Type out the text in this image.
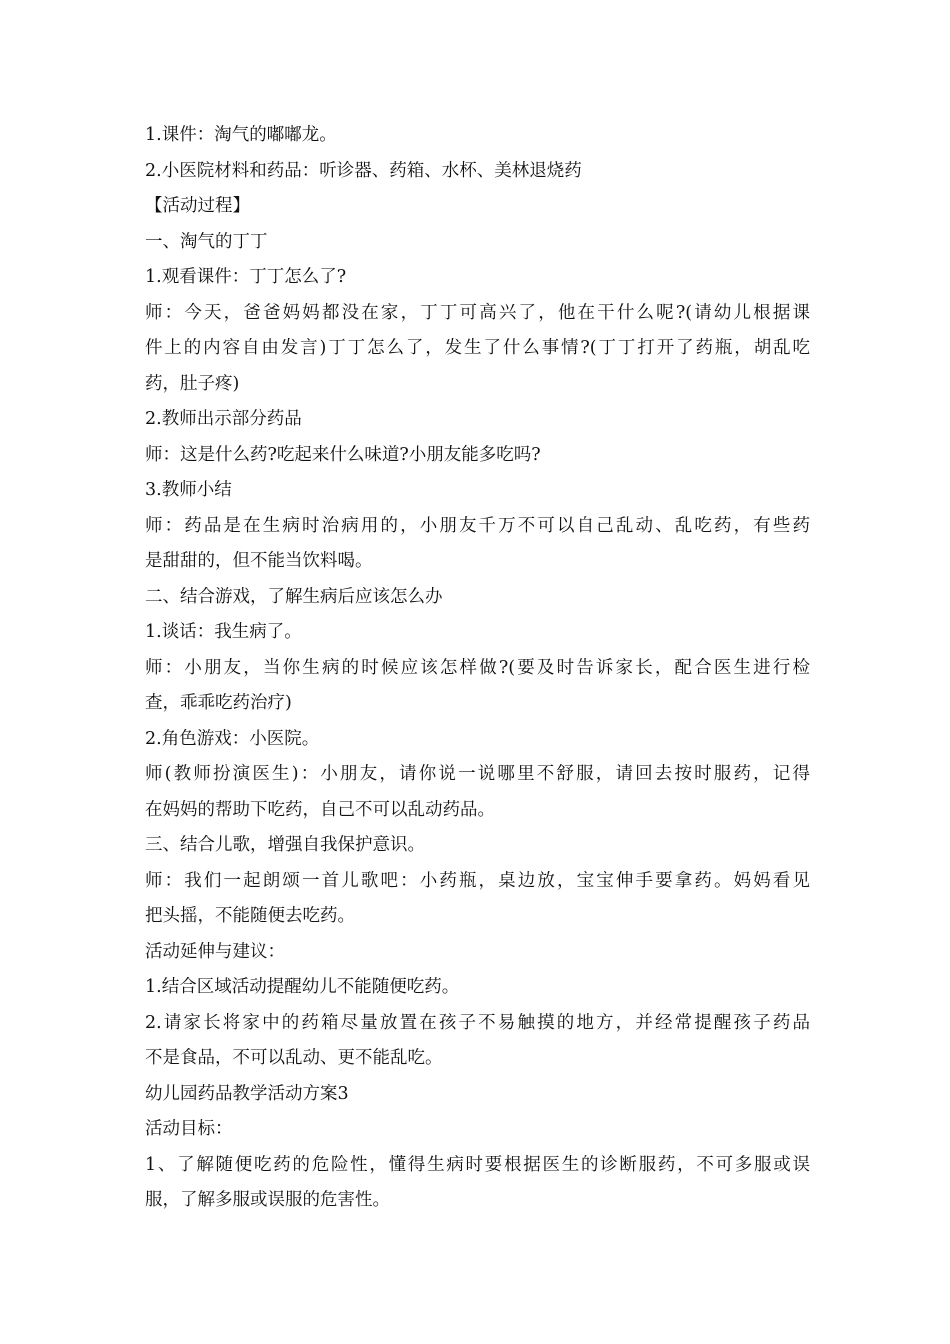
1.课件：淘气的嘟嘟龙。
2.小医院材料和药品：听诊器、药箱、水杯、美林退烧药
【活动过程】
一、淘气的丁丁
1.观看课件：丁丁怎么了?
师：今天，爸爸妈妈都没在家，丁丁可高兴了，他在干什么呢?(请幼儿根据课
件上的内容自由发言)丁丁怎么了，发生了什么事情?(丁丁打开了药瓶，胡乱吃
药，肚子疼)
2.教师出示部分药品
师：这是什么药?吃起来什么味道?小朋友能多吃吗?
3.教师小结
师：药品是在生病时治病用的，小朋友千万不可以自己乱动、乱吃药，有些药
是甜甜的，但不能当饮料喝。
二、结合游戏，了解生病后应该怎么办
1.谈话：我生病了。
师：小朋友，当你生病的时候应该怎样做?(要及时告诉家长，配合医生进行检
查，乖乖吃药治疗)
2.角色游戏：小医院。
师(教师扮演医生)：小朋友，请你说一说哪里不舒服，请回去按时服药，记得
在妈妈的帮助下吃药，自己不可以乱动药品。
三、结合儿歌，增强自我保护意识。
师：我们一起朗颂一首儿歌吧：小药瓶，桌边放，宝宝伸手要拿药。妈妈看见
把头摇，不能随便去吃药。
活动延伸与建议：
1.结合区域活动提醒幼儿不能随便吃药。
2.请家长将家中的药箱尽量放置在孩子不易触摸的地方，并经常提醒孩子药品
不是食品，不可以乱动、更不能乱吃。
幼儿园药品教学活动方案3
活动目标：
1、了解随便吃药的危险性，懂得生病时要根据医生的诊断服药，不可多服或误
服，了解多服或误服的危害性。
